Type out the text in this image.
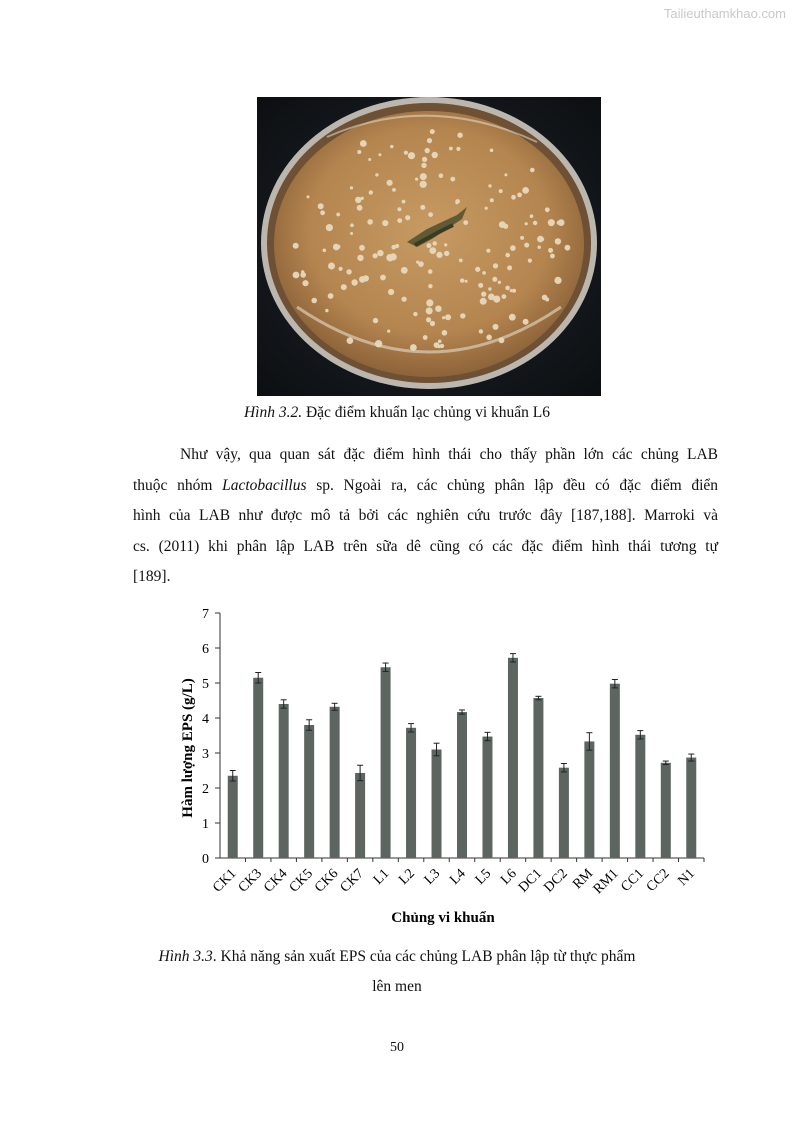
Tailieuthamkhao.com
Hình 3.2. Đặc điểm khuẩn lạc chủng vi khuẩn L6
Như vậy, qua quan sát đặc điểm hình thái cho thấy phần lớn các chủng LAB
thuộc nhóm Lactobacillus sp. Ngoài ra, các chủng phân lập đều có đặc điểm điển
hình của LAB như được mô tả bởi các nghiên cứu trước đây [187,188]. Marroki và
cs. (2011) khi phân lập LAB trên sữa dê cũng có các đặc điểm hình thái tương tự
[189].
0
1
2
3
4
5
6
7
CK1
CK3
CK4
CK5
CK6
CK7 L1 L2 L3 L4 L5 L6
DC1
DC2 RM
RM1
CC1
CC2 N1
Hàm lượng EPS (g/L)
Chủng vi khuẩn
Hình 3.3. Khả năng sản xuất EPS của các chủng LAB phân lập từ thực phẩm
lên men
50
